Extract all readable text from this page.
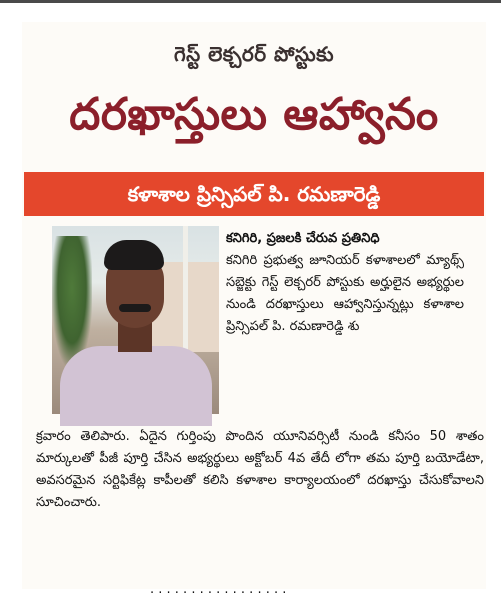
గెస్ట్ లెక్చరర్ పోస్టుకు
దరఖాస్తులు ఆహ్వానం
కళాశాల ప్రిన్సిపల్ పి. రమణారెడ్డి
కనిగిరి, ప్రజలకి చేరువ ప్రతినిధి
కనిగిరి ప్రభుత్వ జూనియర్ కళాశాలలో మ్యాథ్స్ సబ్జెక్టు గెస్ట్ లెక్చరర్ పోస్టుకు అర్హులైన అభ్యర్థుల నుండి దరఖాస్తులు ఆహ్వానిస్తున్నట్లు కళాశాల ప్రిన్సిపల్ పి. రమణారెడ్డి శు
క్రవారం తెలిపారు. ఏదైన గుర్తింపు పొందిన యూనివర్సిటీ నుండి కనీసం 50 శాతం మార్కులతో పీజీ పూర్తి చేసిన అభ్యర్థులు అక్టోబర్ 4వ తేదీ లోగా తమ పూర్తి బయోడేటా, అవసరమైన సర్టిఫికేట్ల కాపీలతో కలిసి కళాశాల కార్యాలయంలో దరఖాస్తు చేసుకోవాలని సూచించారు.
· · · · · · · · · · · · · · · · ·
